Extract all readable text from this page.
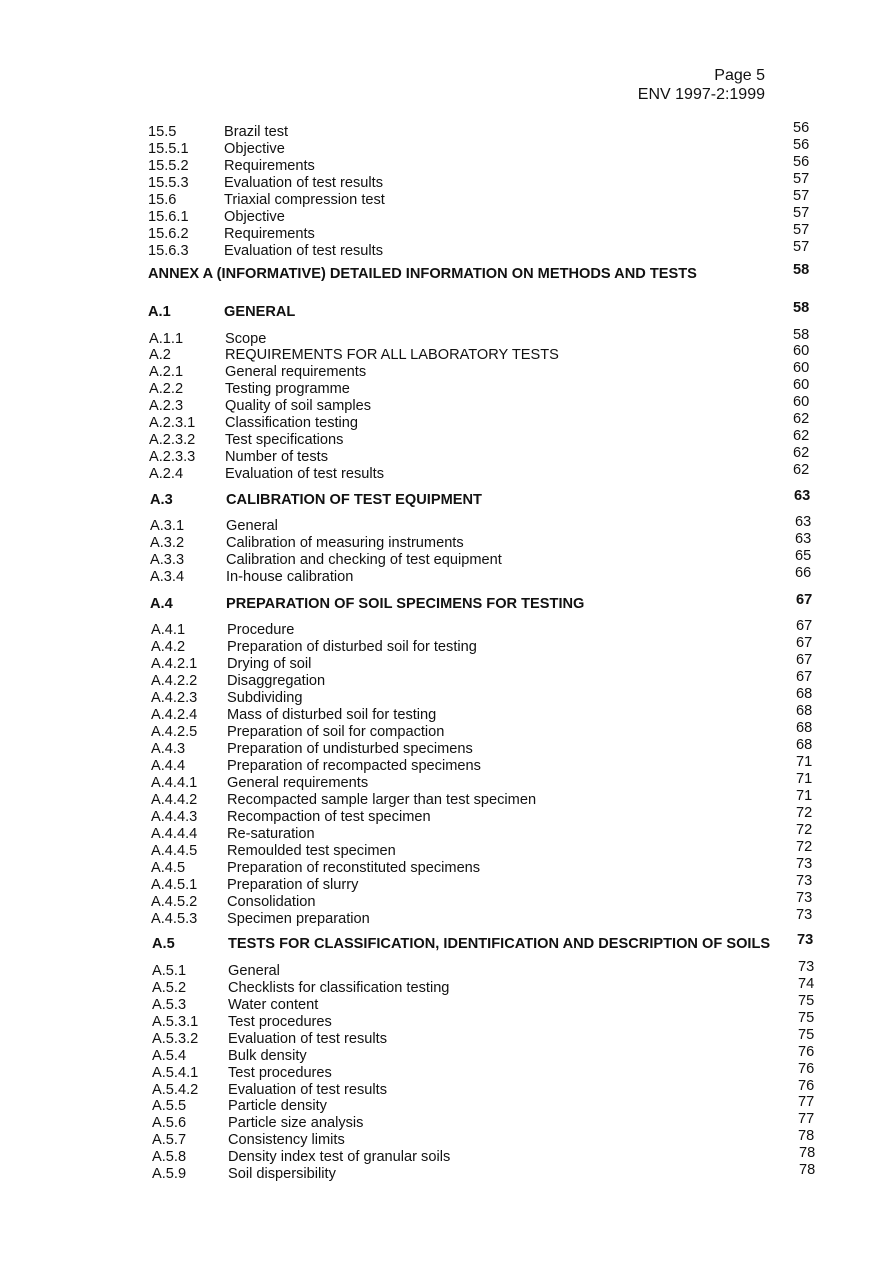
Page 5
ENV 1997-2:1999
15.5	Brazil test	56
15.5.1 Objective	56
15.5.2 Requirements	56
15.5.3 Evaluation of test results	57
15.6	Triaxial compression test	57
15.6.1 Objective	57
15.6.2 Requirements	57
15.6.3 Evaluation of test results	57
ANNEX A (INFORMATIVE) DETAILED INFORMATION ON METHODS AND TESTS	58
A.1	GENERAL	58
A.1.1	Scope	58
A.2	REQUIREMENTS FOR ALL LABORATORY TESTS	60
A.2.1	General requirements	60
A.2.2	Testing programme	60
A.2.3	Quality of soil samples	60
A.2.3.1 Classification testing	62
A.2.3.2 Test specifications	62
A.2.3.3 Number of tests	62
A.2.4	Evaluation of test results	62
A.3	CALIBRATION OF TEST EQUIPMENT	63
A.3.1	General	63
A.3.2	Calibration of measuring instruments	63
A.3.3	Calibration and checking of test equipment	65
A.3.4	In-house calibration	66
A.4	PREPARATION OF SOIL SPECIMENS FOR TESTING	67
A.4.1	Procedure	67
A.4.2	Preparation of disturbed soil for testing	67
A.4.2.1 Drying of soil	67
A.4.2.2 Disaggregation	67
A.4.2.3 Subdividing	68
A.4.2.4 Mass of disturbed soil for testing	68
A.4.2.5 Preparation of soil for compaction	68
A.4.3	Preparation of undisturbed specimens	68
A.4.4	Preparation of recompacted specimens	71
A.4.4.1 General requirements	71
A.4.4.2 Recompacted sample larger than test specimen	71
A.4.4.3 Recompaction of test specimen	72
A.4.4.4 Re-saturation	72
A.4.4.5 Remoulded test specimen	72
A.4.5	Preparation of reconstituted specimens	73
A.4.5.1 Preparation of slurry	73
A.4.5.2 Consolidation	73
A.4.5.3 Specimen preparation	73
A.5	TESTS FOR CLASSIFICATION, IDENTIFICATION AND DESCRIPTION OF SOILS 73
A.5.1	General	73
A.5.2	Checklists for classification testing	74
A.5.3	Water content	75
A.5.3.1 Test procedures	75
A.5.3.2 Evaluation of test results	75
A.5.4	Bulk density	76
A.5.4.1 Test procedures	76
A.5.4.2 Evaluation of test results	76
A.5.5	Particle density	77
A.5.6	Particle size analysis	77
A.5.7	Consistency limits	78
A.5.8	Density index test of granular soils	78
A.5.9	Soil dispersibility	78
